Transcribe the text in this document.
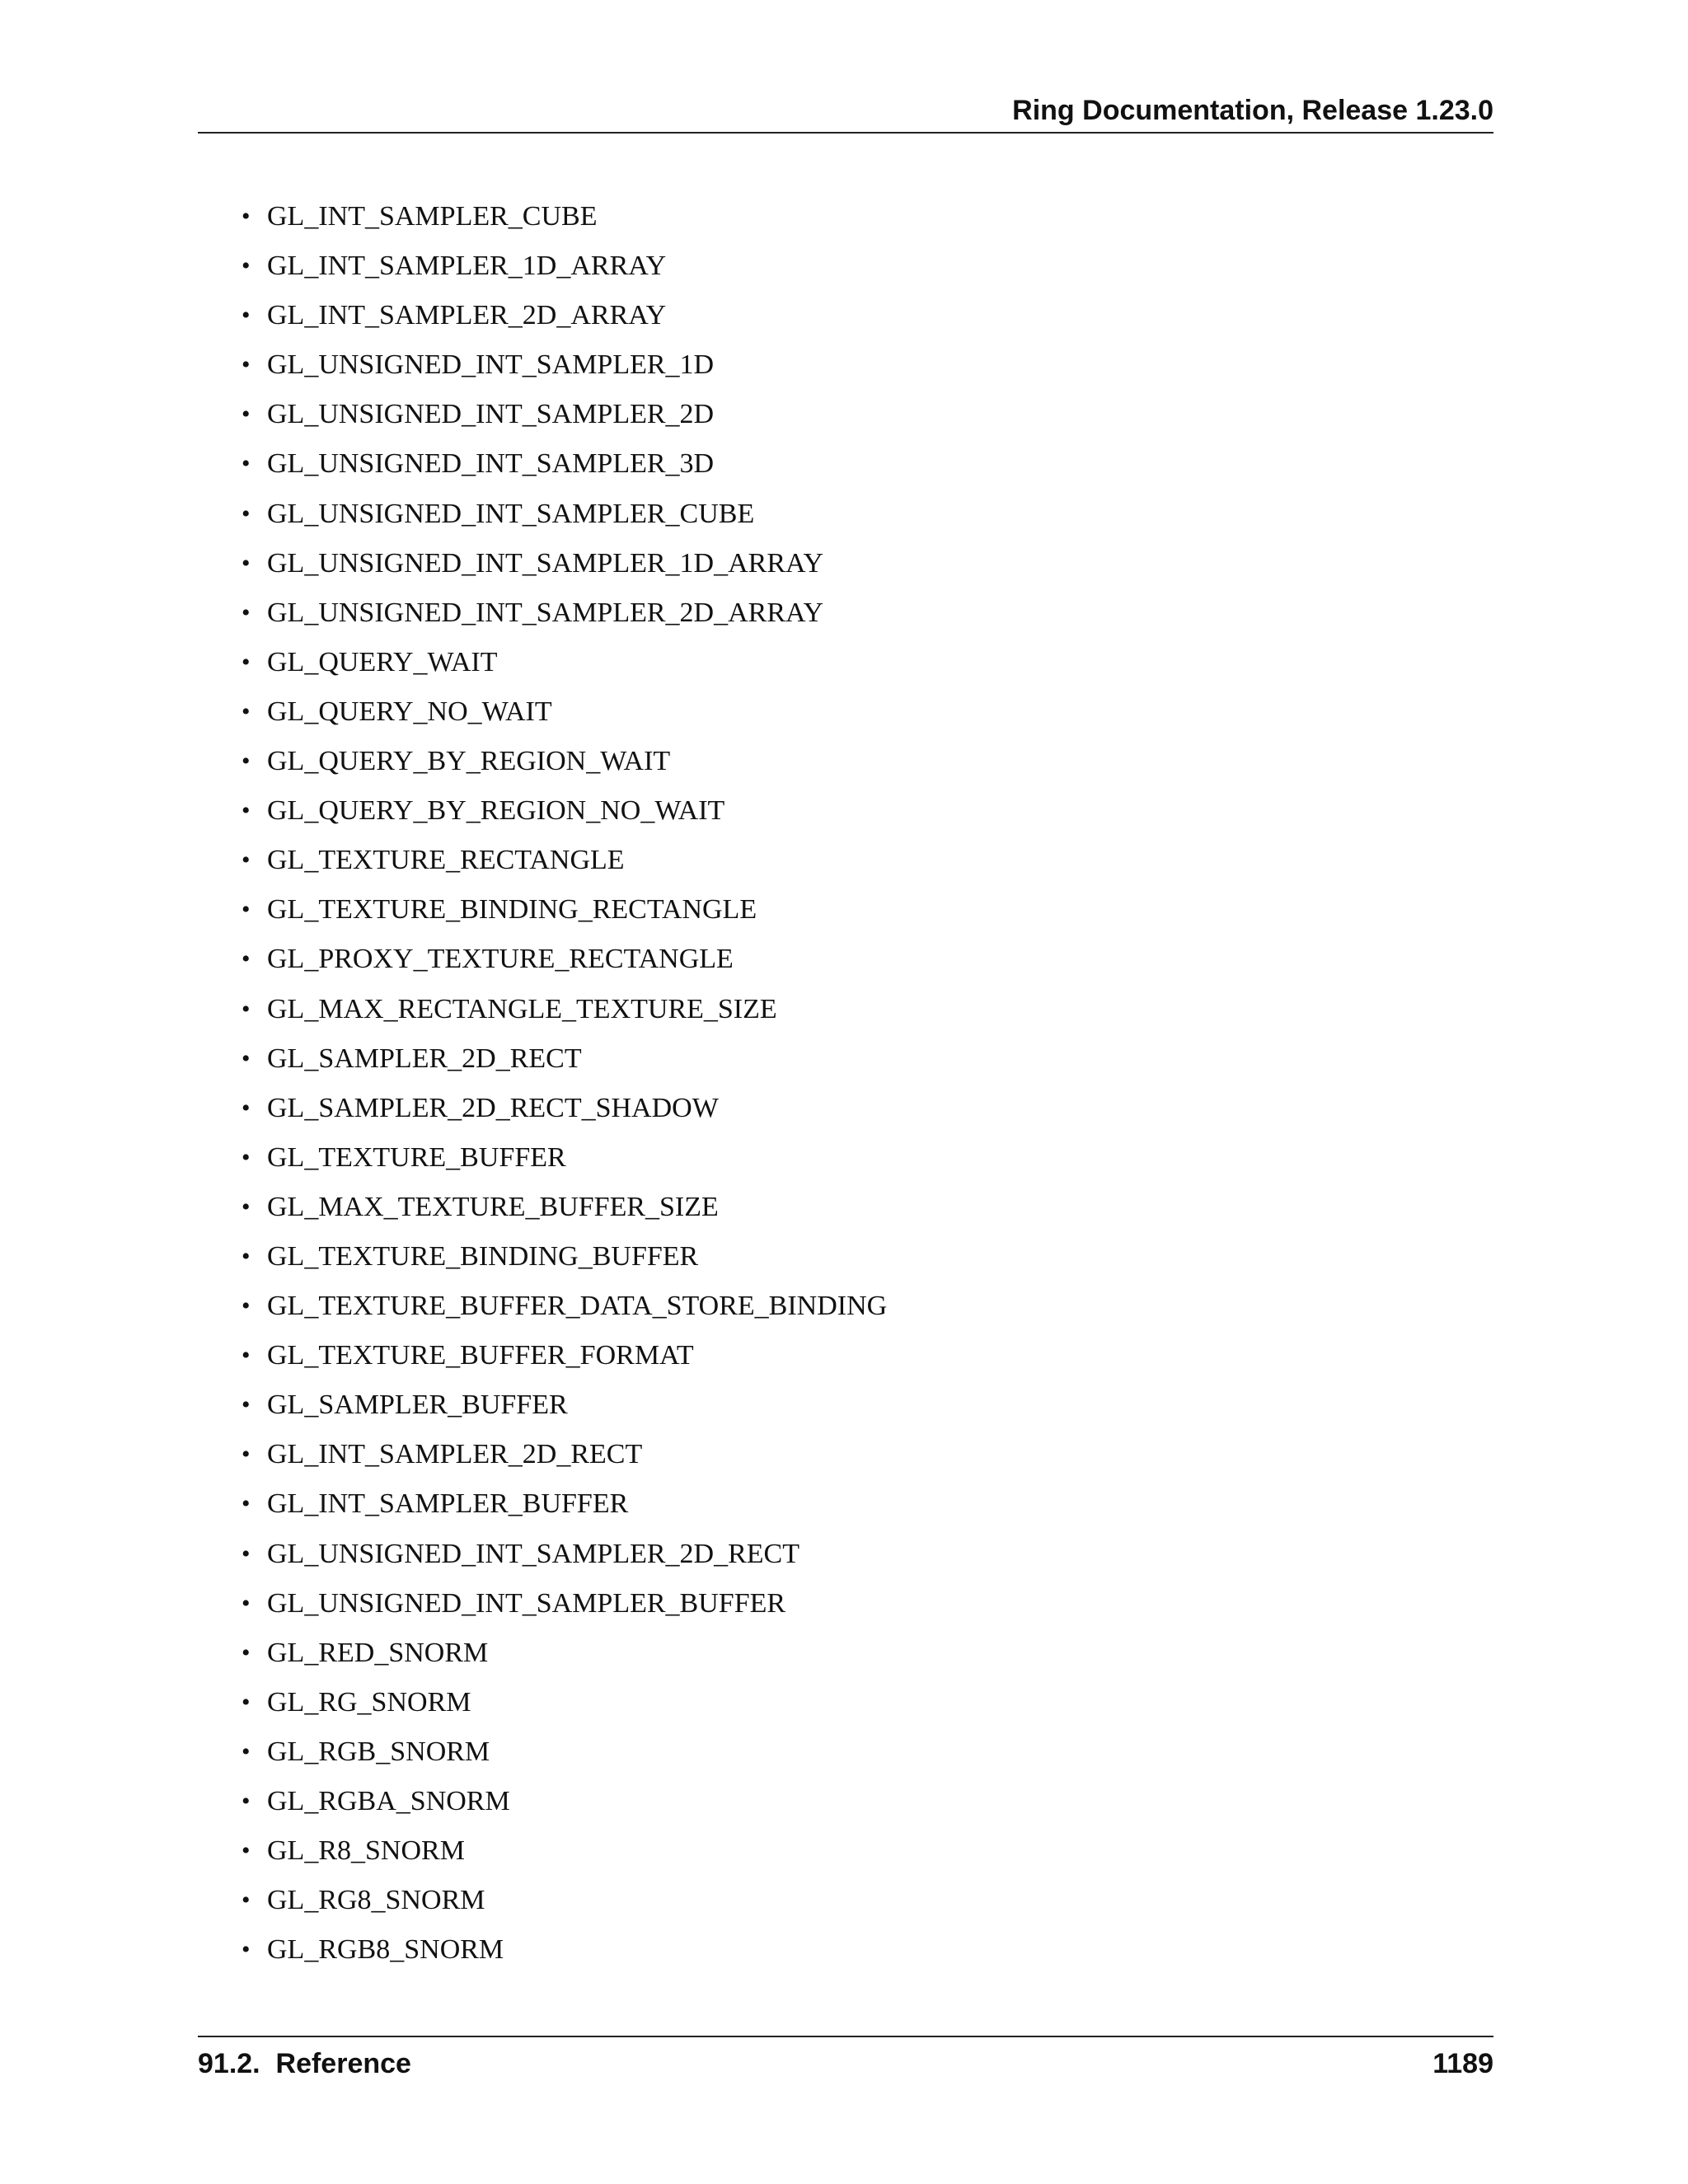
Ring Documentation, Release 1.23.0
• GL_INT_SAMPLER_CUBE
• GL_INT_SAMPLER_1D_ARRAY
• GL_INT_SAMPLER_2D_ARRAY
• GL_UNSIGNED_INT_SAMPLER_1D
• GL_UNSIGNED_INT_SAMPLER_2D
• GL_UNSIGNED_INT_SAMPLER_3D
• GL_UNSIGNED_INT_SAMPLER_CUBE
• GL_UNSIGNED_INT_SAMPLER_1D_ARRAY
• GL_UNSIGNED_INT_SAMPLER_2D_ARRAY
• GL_QUERY_WAIT
• GL_QUERY_NO_WAIT
• GL_QUERY_BY_REGION_WAIT
• GL_QUERY_BY_REGION_NO_WAIT
• GL_TEXTURE_RECTANGLE
• GL_TEXTURE_BINDING_RECTANGLE
• GL_PROXY_TEXTURE_RECTANGLE
• GL_MAX_RECTANGLE_TEXTURE_SIZE
• GL_SAMPLER_2D_RECT
• GL_SAMPLER_2D_RECT_SHADOW
• GL_TEXTURE_BUFFER
• GL_MAX_TEXTURE_BUFFER_SIZE
• GL_TEXTURE_BINDING_BUFFER
• GL_TEXTURE_BUFFER_DATA_STORE_BINDING
• GL_TEXTURE_BUFFER_FORMAT
• GL_SAMPLER_BUFFER
• GL_INT_SAMPLER_2D_RECT
• GL_INT_SAMPLER_BUFFER
• GL_UNSIGNED_INT_SAMPLER_2D_RECT
• GL_UNSIGNED_INT_SAMPLER_BUFFER
• GL_RED_SNORM
• GL_RG_SNORM
• GL_RGB_SNORM
• GL_RGBA_SNORM
• GL_R8_SNORM
• GL_RG8_SNORM
• GL_RGB8_SNORM
91.2.  Reference	1189
